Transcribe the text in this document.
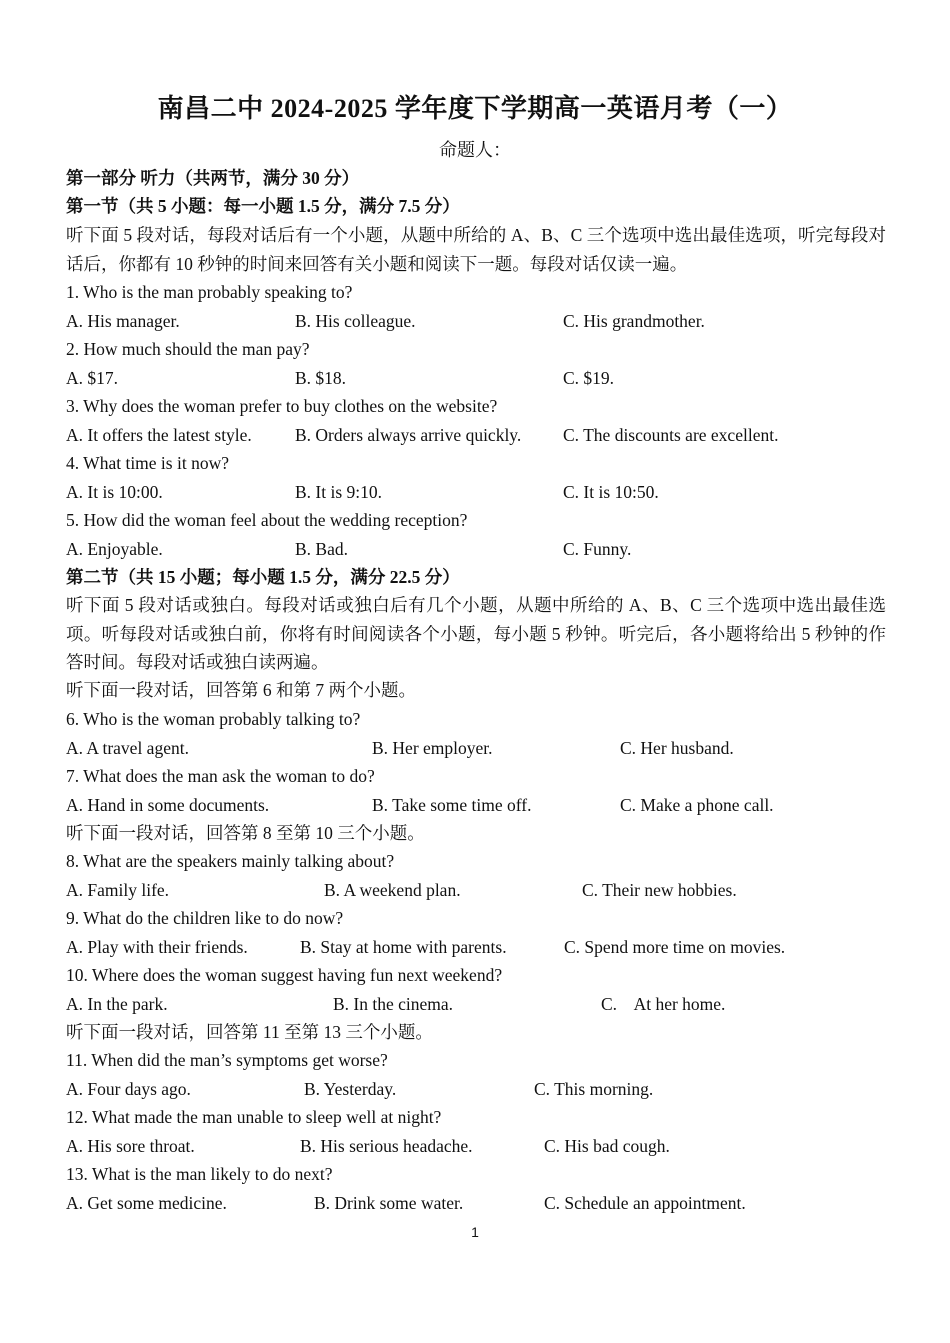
南昌二中 2024-2025 学年度下学期高一英语月考（一）
命题人：
第一部分 听力（共两节，满分 30 分）
第一节（共 5 小题：每一小题 1.5 分，满分 7.5 分）
听下面 5 段对话，每段对话后有一个小题，从题中所给的 A、B、C 三个选项中选出最佳选项，听完每段对话后，你都有 10 秒钟的时间来回答有关小题和阅读下一题。每段对话仅读一遍。
1. Who is the man probably speaking to?
A. His manager.	B. His colleague.	C. His grandmother.
2. How much should the man pay?
A. $17.	B. $18.	C. $19.
3. Why does the woman prefer to buy clothes on the website?
A. It offers the latest style. B. Orders always arrive quickly. C. The discounts are excellent.
4. What time is it now?
A. It is 10:00.	B. It is 9:10.	C. It is 10:50.
5. How did the woman feel about the wedding reception?
A. Enjoyable.	B. Bad.	C. Funny.
第二节（共 15 小题；每小题 1.5 分，满分 22.5 分）
听下面 5 段对话或独白。每段对话或独白后有几个小题，从题中所给的 A、B、C 三个选项中选出最佳选项。听每段对话或独白前，你将有时间阅读各个小题，每小题 5 秒钟。听完后，各小题将给出 5 秒钟的作答时间。每段对话或独白读两遍。
听下面一段对话，回答第 6 和第 7 两个小题。
6. Who is the woman probably talking to?
A. A travel agent.	B. Her employer.	C. Her husband.
7. What does the man ask the woman to do?
A. Hand in some documents.	B. Take some time off.	C. Make a phone call.
听下面一段对话，回答第 8 至第 10 三个小题。
8. What are the speakers mainly talking about?
A. Family life.	B. A weekend plan.	C. Their new hobbies.
9. What do the children like to do now?
A. Play with their friends.	B. Stay at home with parents.	C. Spend more time on movies.
10. Where does the woman suggest having fun next weekend?
A. In the park.	B. In the cinema.	C.    At her home.
听下面一段对话，回答第 11 至第 13 三个小题。
11. When did the man’s symptoms get worse?
A. Four days ago.	B. Yesterday.	C. This morning.
12. What made the man unable to sleep well at night?
A. His sore throat.	B. His serious headache.	C. His bad cough.
13. What is the man likely to do next?
A. Get some medicine.	B. Drink some water.	C. Schedule an appointment.
1
